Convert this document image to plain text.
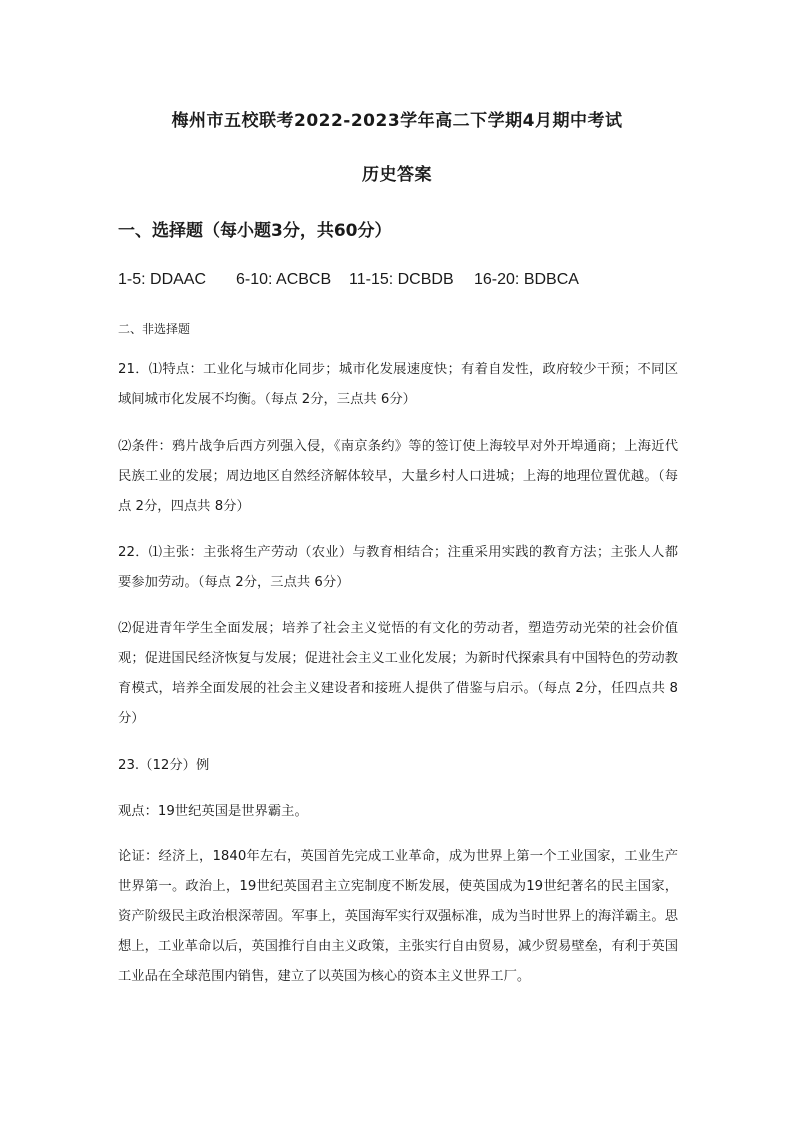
梅州市五校联考2022-2023学年高二下学期4月期中考试
历史答案
一、选择题（每小题3分，共60分）
1-5: DDAAC 6-10: ACBCB 11-15: DCBDB 16-20: BDBCA
二、非选择题
21．⑴特点：工业化与城市化同步；城市化发展速度快；有着自发性，政府较少干预；不同区域间城市化发展不均衡。（每点 2分，三点共 6分）
⑵条件：鸦片战争后西方列强入侵，《南京条约》等的签订使上海较早对外开埠通商；上海近代民族工业的发展；周边地区自然经济解体较早，大量乡村人口进城；上海的地理位置优越。（每点 2分，四点共 8分）
22．⑴主张：主张将生产劳动（农业）与教育相结合；注重采用实践的教育方法；主张人人都要参加劳动。（每点 2分，三点共 6分）
⑵促进青年学生全面发展；培养了社会主义觉悟的有文化的劳动者，塑造劳动光荣的社会价值观；促进国民经济恢复与发展；促进社会主义工业化发展；为新时代探索具有中国特色的劳动教育模式，培养全面发展的社会主义建设者和接班人提供了借鉴与启示。（每点 2分，任四点共 8分）
23.（12分）例
观点：19世纪英国是世界霸主。
论证：经济上，1840年左右，英国首先完成工业革命，成为世界上第一个工业国家，工业生产世界第一。政治上，19世纪英国君主立宪制度不断发展，使英国成为19世纪著名的民主国家，资产阶级民主政治根深蒂固。军事上，英国海军实行双强标准，成为当时世界上的海洋霸主。思想上，工业革命以后，英国推行自由主义政策，主张实行自由贸易，减少贸易壁垒，有利于英国工业品在全球范围内销售，建立了以英国为核心的资本主义世界工厂。
